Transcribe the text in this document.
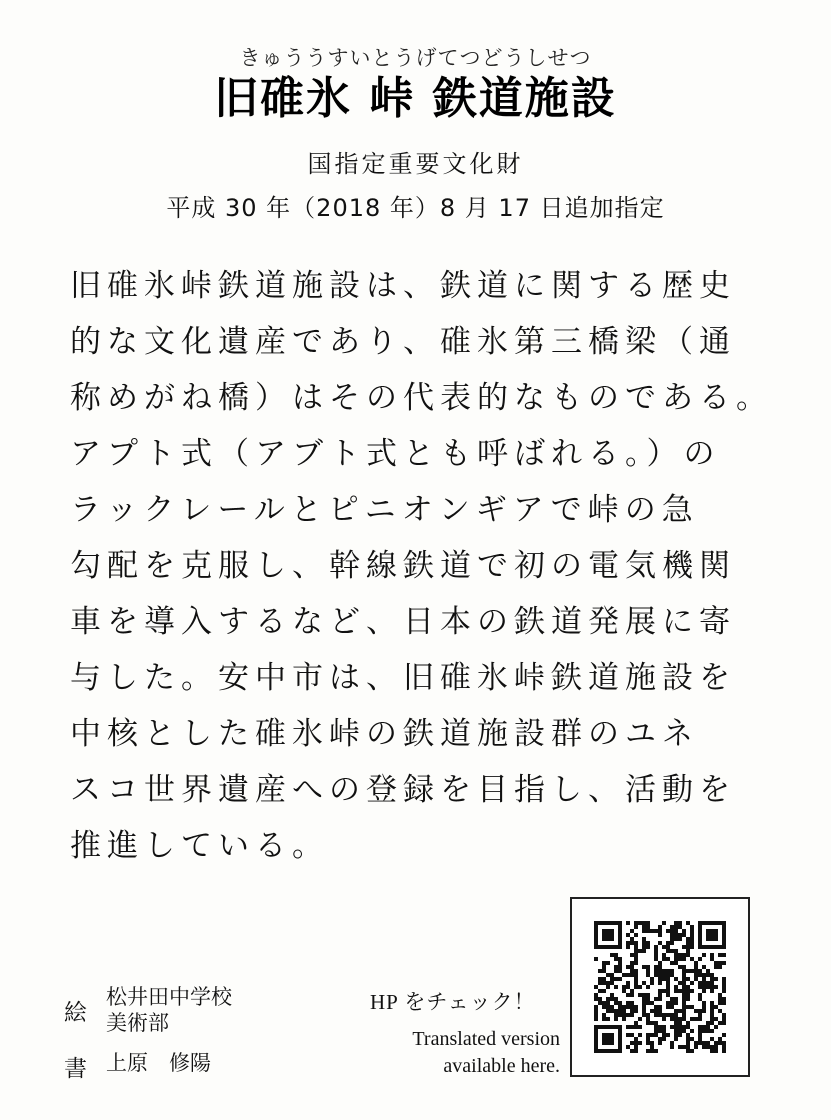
きゅううすいとうげてつどうしせつ
旧碓氷 峠 鉄道施設
国指定重要文化財
平成 30 年（2018 年）8 月 17 日追加指定
旧碓氷峠鉄道施設は、鉄道に関する歴史
的な文化遺産であり、碓氷第三橋梁（通
称めがね橋）はその代表的なものである。
アプト式（アブト式とも呼ばれる。）の
ラックレールとピニオンギアで峠の急
勾配を克服し、幹線鉄道で初の電気機関
車を導入するなど、日本の鉄道発展に寄
与した。安中市は、旧碓氷峠鉄道施設を
中核とした碓氷峠の鉄道施設群のユネ
スコ世界遺産への登録を目指し、活動を
推進している。
絵
松井田中学校
美術部
書 上原　修陽
HP をチェック！
Translated version
available here.
